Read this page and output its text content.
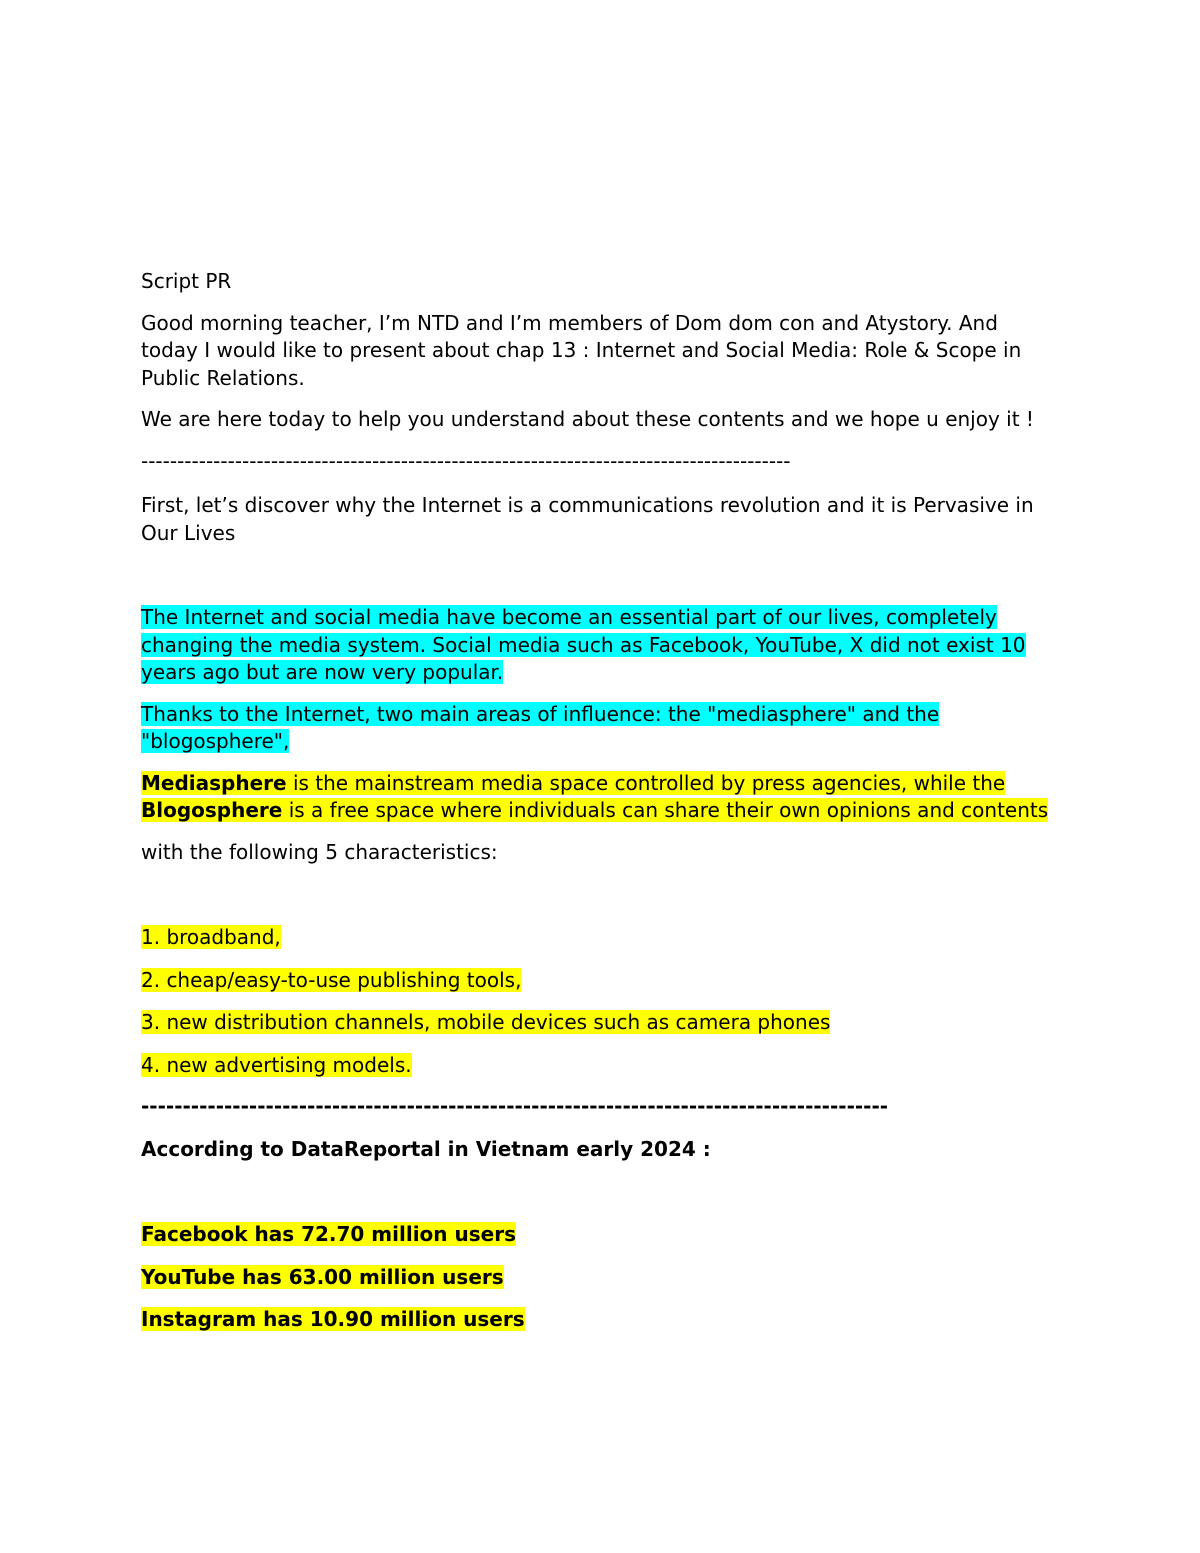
Script PR

Good morning teacher, I’m NTD and I’m members of Dom dom con and Atystory. And today I would like to present about chap 13 : Internet and Social Media: Role & Scope in Public Relations.

We are here today to help you understand about these contents and we hope u enjoy it !

------------------------------------------------------------------------------------------

First, let’s discover why the Internet is a communications revolution and it is Pervasive in Our Lives

The Internet and social media have become an essential part of our lives, completely changing the media system. Social media such as Facebook, YouTube, X did not exist 10 years ago but are now very popular.

Thanks to the Internet, two main areas of influence: the "mediasphere" and the "blogosphere",

Mediasphere is the mainstream media space controlled by press agencies, while the Blogosphere is a free space where individuals can share their own opinions and contents

with the following 5 characteristics:

1. broadband,

2. cheap/easy-to-use publishing tools,

3. new distribution channels, mobile devices such as camera phones

4. new advertising models.

------------------------------------------------------------------------------------------

According to DataReportal in Vietnam early 2024 :

Facebook has 72.70 million users

YouTube has 63.00 million users

Instagram has 10.90 million users
